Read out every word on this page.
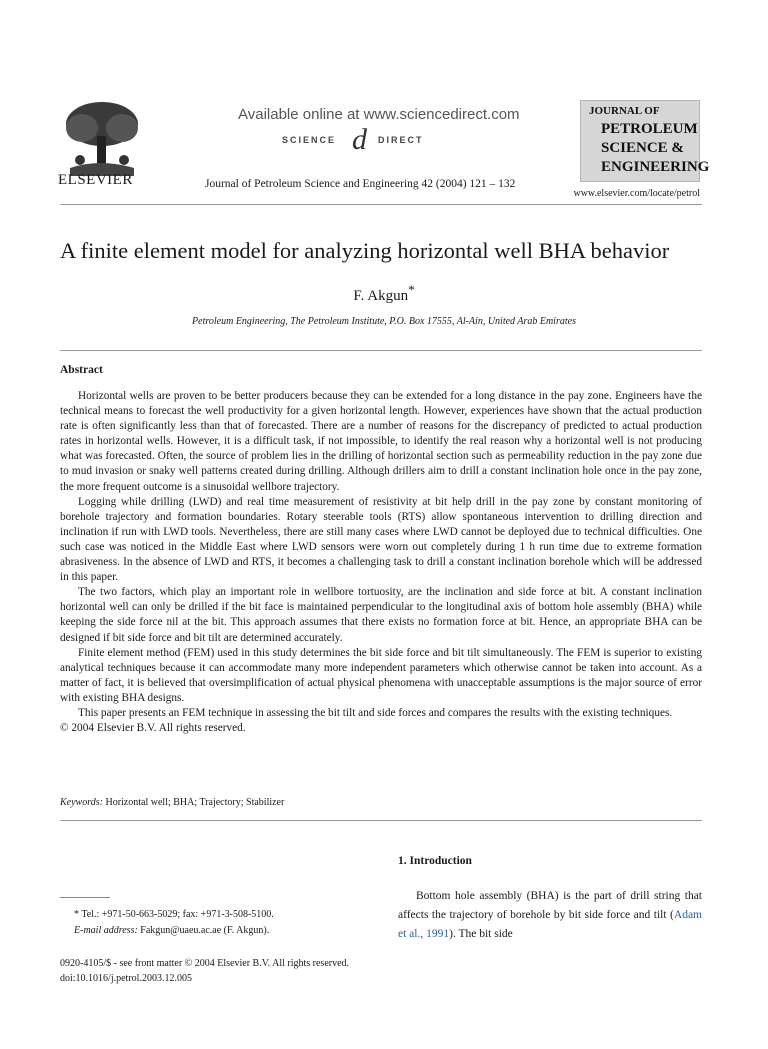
ELSEVIER
Available online at www.sciencedirect.com
SCIENCE d DIRECT
Journal of Petroleum Science and Engineering 42 (2004) 121 – 132
JOURNAL OF
PETROLEUM
SCIENCE &
ENGINEERING
www.elsevier.com/locate/petrol
A finite element model for analyzing horizontal well BHA behavior
F. Akgun*
Petroleum Engineering, The Petroleum Institute, P.O. Box 17555, Al-Ain, United Arab Emirates
Abstract

Horizontal wells are proven to be better producers because they can be extended for a long distance in the pay zone. Engineers have the technical means to forecast the well productivity for a given horizontal length. However, experiences have shown that the actual production rate is often significantly less than that of forecasted. There are a number of reasons for the discrepancy of predicted to actual production rates in horizontal wells. However, it is a difficult task, if not impossible, to identify the real reason why a horizontal well is not producing what was forecasted. Often, the source of problem lies in the drilling of horizontal section such as permeability reduction in the pay zone due to mud invasion or snaky well patterns created during drilling. Although drillers aim to drill a constant inclination hole once in the pay zone, the more frequent outcome is a sinusoidal wellbore trajectory.

Logging while drilling (LWD) and real time measurement of resistivity at bit help drill in the pay zone by constant monitoring of borehole trajectory and formation boundaries. Rotary steerable tools (RTS) allow spontaneous intervention to drilling direction and inclination if run with LWD tools. Nevertheless, there are still many cases where LWD cannot be deployed due to technical difficulties. One such case was noticed in the Middle East where LWD sensors were worn out completely during 1 h run time due to extreme formation abrasiveness. In the absence of LWD and RTS, it becomes a challenging task to drill a constant inclination borehole which will be addressed in this paper.

The two factors, which play an important role in wellbore tortuosity, are the inclination and side force at bit. A constant inclination horizontal well can only be drilled if the bit face is maintained perpendicular to the longitudinal axis of bottom hole assembly (BHA) while keeping the side force nil at the bit. This approach assumes that there exists no formation force at bit. Hence, an appropriate BHA can be designed if bit side force and bit tilt are determined accurately.

Finite element method (FEM) used in this study determines the bit side force and bit tilt simultaneously. The FEM is superior to existing analytical techniques because it can accommodate many more independent parameters which otherwise cannot be taken into account. As a matter of fact, it is believed that oversimplification of actual physical phenomena with unacceptable assumptions is the major source of error with existing BHA designs.

This paper presents an FEM technique in assessing the bit tilt and side forces and compares the results with the existing techniques.

© 2004 Elsevier B.V. All rights reserved.

Keywords: Horizontal well; BHA; Trajectory; Stabilizer
1. Introduction

Bottom hole assembly (BHA) is the part of drill string that affects the trajectory of borehole by bit side force and tilt (Adam et al., 1991). The bit side

* Tel.: +971-50-663-5029; fax: +971-3-508-5100.
E-mail address: Fakgun@uaeu.ac.ae (F. Akgun).
0920-4105/$ - see front matter © 2004 Elsevier B.V. All rights reserved.
doi:10.1016/j.petrol.2003.12.005
